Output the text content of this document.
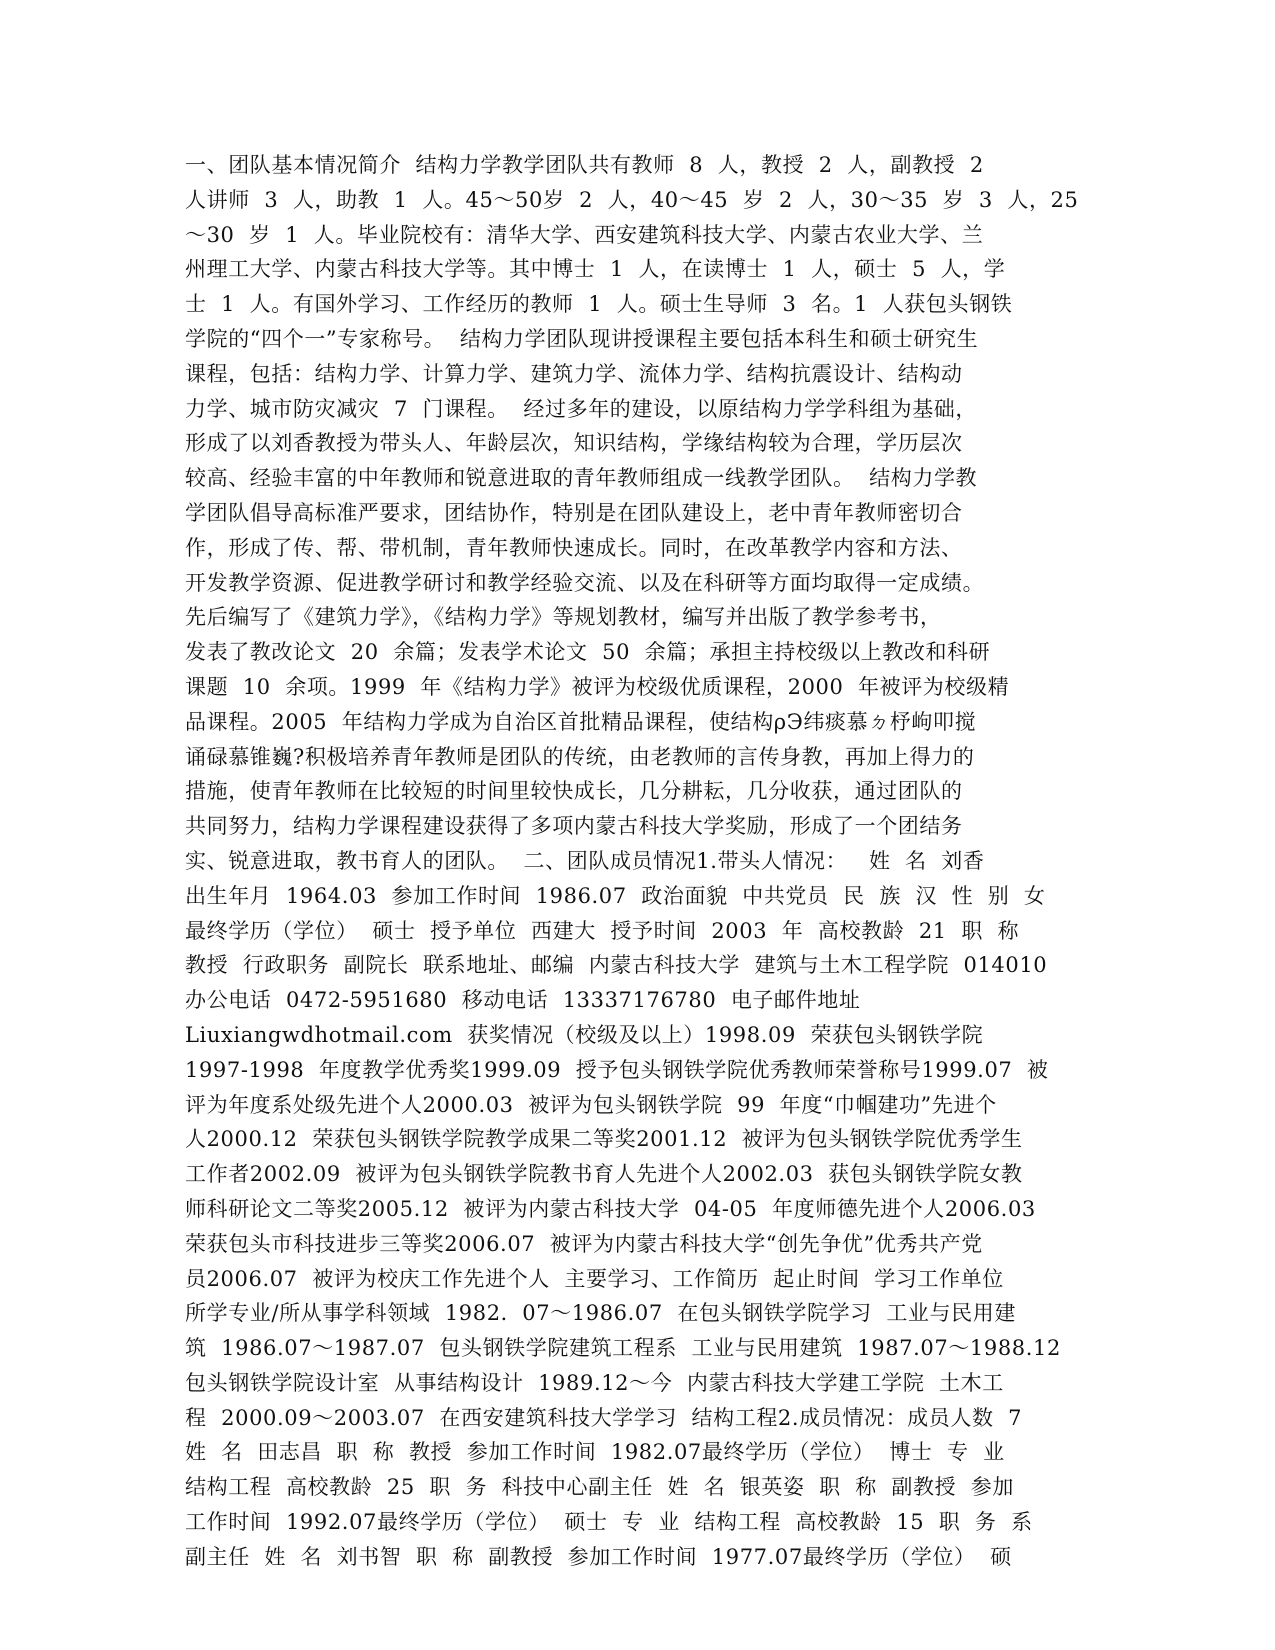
一、团队基本情况简介  结构力学教学团队共有教师  8  人，教授  2  人，副教授  2
人讲师  3  人，助教  1  人。45～50岁  2  人，40～45  岁  2  人，30～35  岁  3  人，25
～30  岁  1  人。毕业院校有：清华大学、西安建筑科技大学、内蒙古农业大学、兰
州理工大学、内蒙古科技大学等。其中博士  1  人，在读博士  1  人，硕士  5  人，学
士  1  人。有国外学习、工作经历的教师  1  人。硕士生导师  3  名。1  人获包头钢铁
学院的“四个一”专家称号。  结构力学团队现讲授课程主要包括本科生和硕士研究生
课程，包括：结构力学、计算力学、建筑力学、流体力学、结构抗震设计、结构动
力学、城市防灾减灾  7  门课程。  经过多年的建设，以原结构力学学科组为基础，
形成了以刘香教授为带头人、年龄层次，知识结构，学缘结构较为合理，学历层次
较高、经验丰富的中年教师和锐意进取的青年教师组成一线教学团队。  结构力学教
学团队倡导高标准严要求，团结协作，特别是在团队建设上，老中青年教师密切合
作，形成了传、帮、带机制，青年教师快速成长。同时，在改革教学内容和方法、
开发教学资源、促进教学研讨和教学经验交流、以及在科研等方面均取得一定成绩。
先后编写了《建筑力学》，《结构力学》等规划教材，编写并出版了教学参考书，
发表了教改论文  20  余篇；发表学术论文  50  余篇；承担主持校级以上教改和科研
课题  10  余项。1999  年《结构力学》被评为校级优质课程，2000  年被评为校级精
品课程。2005  年结构力学成为自治区首批精品课程，使结构ρЭ纬痰慕ㄉ杼岣叩搅
诵碌慕锥巍?积极培养青年教师是团队的传统，由老教师的言传身教，再加上得力的
措施，使青年教师在比较短的时间里较快成长，几分耕耘，几分收获，通过团队的
共同努力，结构力学课程建设获得了多项内蒙古科技大学奖励，形成了一个团结务
实、锐意进取，教书育人的团队。  二、团队成员情况1.带头人情况：   姓  名  刘香
出生年月  1964.03  参加工作时间  1986.07  政治面貌  中共党员  民  族  汉  性  别  女
最终学历（学位）  硕士  授予单位  西建大  授予时间  2003  年  高校教龄  21  职  称
教授  行政职务  副院长  联系地址、邮编  内蒙古科技大学  建筑与土木工程学院  014010
办公电话  0472-5951680  移动电话  13337176780  电子邮件地址
Liuxiangwdhotmail.com  获奖情况（校级及以上）1998.09  荣获包头钢铁学院
1997-1998  年度教学优秀奖1999.09  授予包头钢铁学院优秀教师荣誉称号1999.07  被
评为年度系处级先进个人2000.03  被评为包头钢铁学院  99  年度“巾帼建功”先进个
人2000.12  荣获包头钢铁学院教学成果二等奖2001.12  被评为包头钢铁学院优秀学生
工作者2002.09  被评为包头钢铁学院教书育人先进个人2002.03  获包头钢铁学院女教
师科研论文二等奖2005.12  被评为内蒙古科技大学  04-05  年度师德先进个人2006.03
荣获包头市科技进步三等奖2006.07  被评为内蒙古科技大学“创先争优”优秀共产党
员2006.07  被评为校庆工作先进个人  主要学习、工作简历  起止时间  学习工作单位
所学专业/所从事学科领域  1982．07～1986.07  在包头钢铁学院学习  工业与民用建
筑  1986.07～1987.07  包头钢铁学院建筑工程系  工业与民用建筑  1987.07～1988.12
包头钢铁学院设计室  从事结构设计  1989.12～今  内蒙古科技大学建工学院  土木工
程  2000.09～2003.07  在西安建筑科技大学学习  结构工程2.成员情况：成员人数  7
姓  名  田志昌  职  称  教授  参加工作时间  1982.07最终学历（学位）  博士  专  业
结构工程  高校教龄  25  职  务  科技中心副主任  姓  名  银英姿  职  称  副教授  参加
工作时间  1992.07最终学历（学位）  硕士  专  业  结构工程  高校教龄  15  职  务  系
副主任  姓  名  刘书智  职  称  副教授  参加工作时间  1977.07最终学历（学位）  硕
